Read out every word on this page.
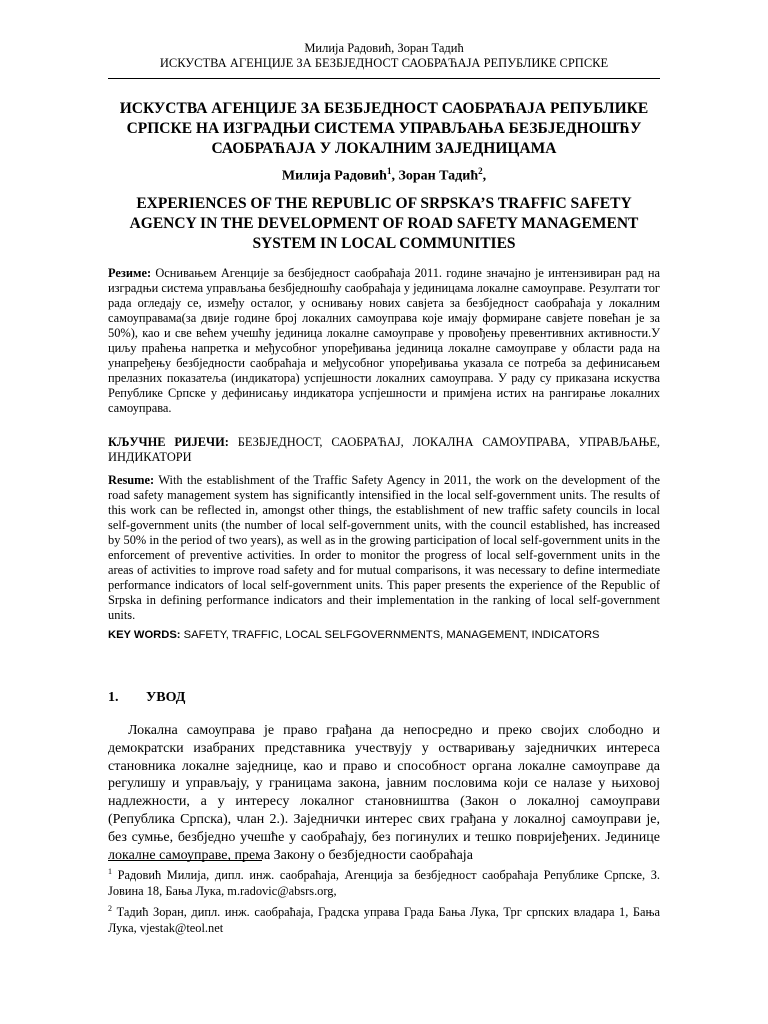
Милија Радовић, Зоран Тадић
ИСКУСТВА АГЕНЦИЈЕ ЗА БЕЗБЈЕДНОСТ САОБРАЋАЈА РЕПУБЛИКЕ СРПСКЕ
ИСКУСТВА АГЕНЦИЈЕ ЗА БЕЗБЈЕДНОСТ САОБРАЋАЈА РЕПУБЛИКЕ СРПСКЕ НА ИЗГРАДЊИ СИСТЕМА УПРАВЉАЊА БЕЗБЈЕДНОШЋУ САОБРАЋАЈА У ЛОКАЛНИМ ЗАЈЕДНИЦАМА
Милија Радовић$^1$, Зоран Тадић$^2$,
EXPERIENCES OF THE REPUBLIC OF SRPSKA’S TRAFFIC SAFETY AGENCY IN THE DEVELOPMENT OF ROAD SAFETY MANAGEMENT SYSTEM IN LOCAL COMMUNITIES
Резиме: Оснивањем Агенције за безбједност саобраћаја 2011. године значајно је интензивиран рад на изградњи система управљања безбједношћу саобраћаја у јединицама локалне самоуправе. Резултати тог рада огледају се, између осталог, у оснивању нових савјета за безбједност саобраћаја у локалним самоуправама(за двије године број локалних самоуправа које имају формиране савјете повећан је за 50%), као и све већем учешћу јединица локалне самоуправе у провођењу превентивних активности.У циљу праћења напретка и међусобног упоређивања јединица локалне самоуправе у области рада на унапређењу безбједности саобраћаја и међусобног упоређивања указала се потреба за дефинисањем прелазних показатеља (индикатора) успјешности локалних самоуправа. У раду су приказана искуства Републике Српске у дефинисању индикатора успјешности и примјена истих на рангирање локалних самоуправа.
КЉУЧНЕ РИЈЕЧИ: БЕЗБЈЕДНОСТ, САОБРАЋАЈ, ЛОКАЛНА САМОУПРАВА, УПРАВЉАЊЕ, ИНДИКАТОРИ
Resume: With the establishment of the Traffic Safety Agency in 2011, the work on the development of the road safety management system has significantly intensified in the local self-government units. The results of this work can be reflected in, amongst other things, the establishment of new traffic safety councils in local self-government units (the number of local self-government units, with the council established, has increased by 50% in the period of two years), as well as in the growing participation of local self-government units in the enforcement of preventive activities. In order to monitor the progress of local self-government units in the areas of activities to improve road safety and for mutual comparisons, it was necessary to define intermediate performance indicators of local self-government units. This paper presents the experience of the Republic of Srpska in defining performance indicators and their implementation in the ranking of local self-government units.
KEY WORDS: SAFETY, TRAFFIC, LOCAL SELFGOVERNMENTS, MANAGEMENT, INDICATORS
1. УВОД
Локална самоуправа је право грађана да непосредно и преко својих слободно и демократски изабраних представника учествују у остваривању заједничких интереса становника локалне заједнице, као и право и способност органа локалне самоуправе да регулишу и управљају, у границама закона, јавним пословима који се налазе у њиховој надлежности, а у интересу локалног становништва (Закон о локалној самоуправи (Република Српска), члан 2.). Заједнички интерес свих грађана у локалној самоуправи је, без сумње, безбједно учешће у саобраћају, без погинулих и тешко повријеђених. Јединице локалне самоуправе, према Закону о безбједности саобраћаја

$^1$ Радовић Милија, дипл. инж. саобраћаја, Агенција за безбједност саобраћаја Републике Српске, З. Јовина 18, Бања Лука, m.radovic@absrs.org,

$^2$ Тадић Зоран, дипл. инж. саобраћаја, Градска управа Града Бања Лука, Трг српских владара 1, Бања Лука, vjestak@teol.net
